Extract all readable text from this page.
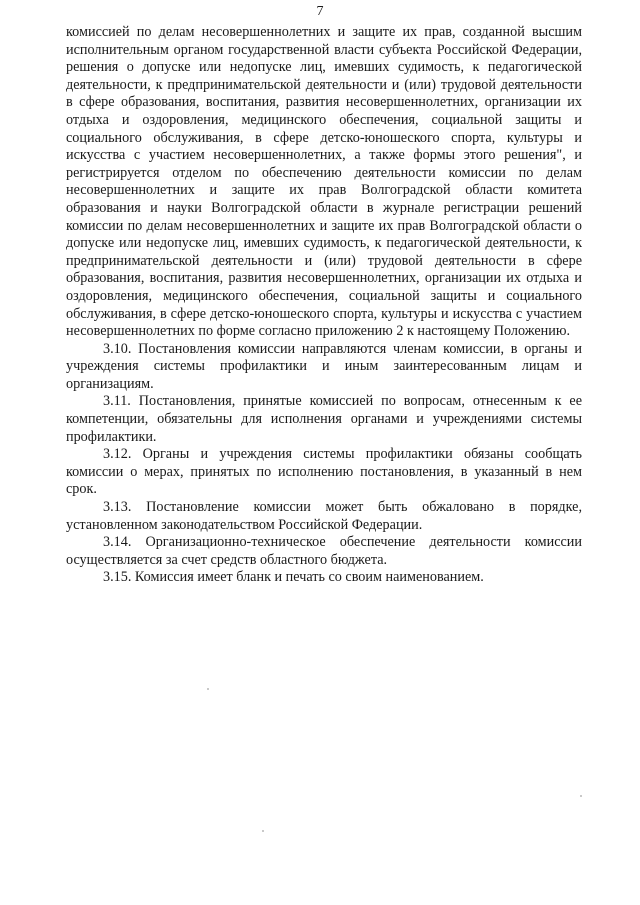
7

комиссией по делам несовершеннолетних и защите их прав, созданной высшим исполнительным органом государственной власти субъекта Российской Федерации, решения о допуске или недопуске лиц, имевших судимость, к педагогической деятельности, к предпринимательской деятельности и (или) трудовой деятельности в сфере образования, воспитания, развития несовершеннолетних, организации их отдыха и оздоровления, медицинского обеспечения, социальной защиты и социального обслуживания, в сфере детско-юношеского спорта, культуры и искусства с участием несовершеннолетних, а также формы этого решения", и регистрируется отделом по обеспечению деятельности комиссии по делам несовершеннолетних и защите их прав Волгоградской области комитета образования и науки Волгоградской области в журнале регистрации решений комиссии по делам несовершеннолетних и защите их прав Волгоградской области о допуске или недопуске лиц, имевших судимость, к педагогической деятельности, к предпринимательской деятельности и (или) трудовой деятельности в сфере образования, воспитания, развития несовершеннолетних, организации их отдыха и оздоровления, медицинского обеспечения, социальной защиты и социального обслуживания, в сфере детско-юношеского спорта, культуры и искусства с участием несовершеннолетних по форме согласно приложению 2 к настоящему Положению.

3.10. Постановления комиссии направляются членам комиссии, в органы и учреждения системы профилактики и иным заинтересованным лицам и организациям.

3.11. Постановления, принятые комиссией по вопросам, отнесенным к ее компетенции, обязательны для исполнения органами и учреждениями системы профилактики.

3.12. Органы и учреждения системы профилактики обязаны сообщать комиссии о мерах, принятых по исполнению постановления, в указанный в нем срок.

3.13. Постановление комиссии может быть обжаловано в порядке, установленном законодательством Российской Федерации.

3.14. Организационно-техническое обеспечение деятельности комиссии осуществляется за счет средств областного бюджета.

3.15. Комиссия имеет бланк и печать со своим наименованием.
